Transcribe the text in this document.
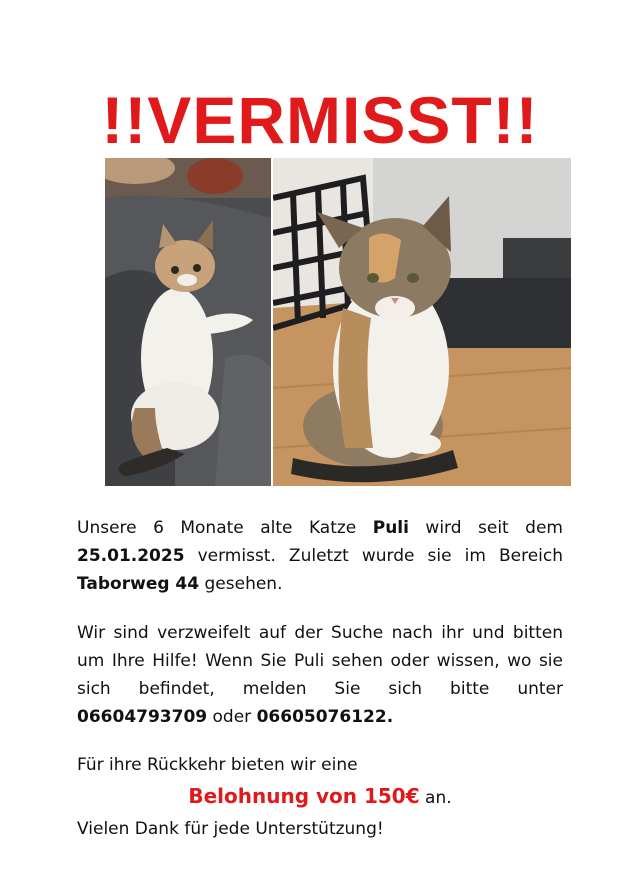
!!VERMISST!!
Unsere 6 Monate alte Katze Puli wird seit dem 25.01.2025 vermisst. Zuletzt wurde sie im Bereich Taborweg 44 gesehen.
Wir sind verzweifelt auf der Suche nach ihr und bitten um Ihre Hilfe! Wenn Sie Puli sehen oder wissen, wo sie sich befindet, melden Sie sich bitte unter 06604793709 oder 06605076122.
Für ihre Rückkehr bieten wir eine
Belohnung von 150€ an.
Vielen Dank für jede Unterstützung!
